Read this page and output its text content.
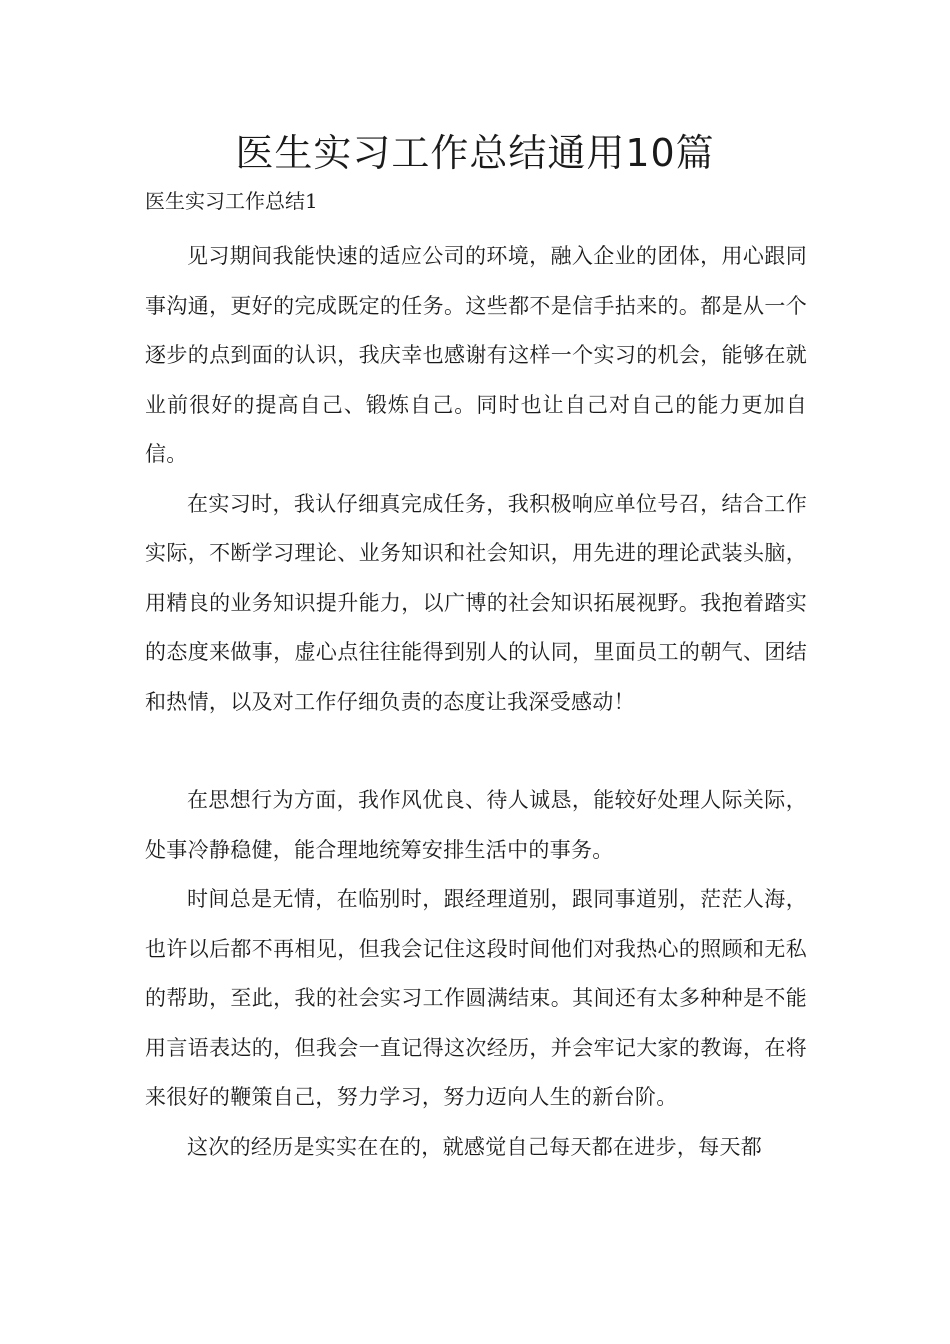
医生实习工作总结通用10篇
医生实习工作总结1

见习期间我能快速的适应公司的环境，融入企业的团体，用心跟同事沟通，更好的完成既定的任务。这些都不是信手拈来的。都是从一个逐步的点到面的认识，我庆幸也感谢有这样一个实习的机会，能够在就业前很好的提高自己、锻炼自己。同时也让自己对自己的能力更加自信。

在实习时，我认仔细真完成任务，我积极响应单位号召，结合工作实际，不断学习理论、业务知识和社会知识，用先进的理论武装头脑，用精良的业务知识提升能力，以广博的社会知识拓展视野。我抱着踏实的态度来做事，虚心点往往能得到别人的认同，里面员工的朝气、团结和热情，以及对工作仔细负责的态度让我深受感动！

在思想行为方面，我作风优良、待人诚恳，能较好处理人际关际，处事冷静稳健，能合理地统筹安排生活中的事务。

时间总是无情，在临别时，跟经理道别，跟同事道别，茫茫人海，也许以后都不再相见，但我会记住这段时间他们对我热心的照顾和无私的帮助，至此，我的社会实习工作圆满结束。其间还有太多种种是不能用言语表达的，但我会一直记得这次经历，并会牢记大家的教诲，在将来很好的鞭策自己，努力学习，努力迈向人生的新台阶。

这次的经历是实实在在的，就感觉自己每天都在进步，每天都
